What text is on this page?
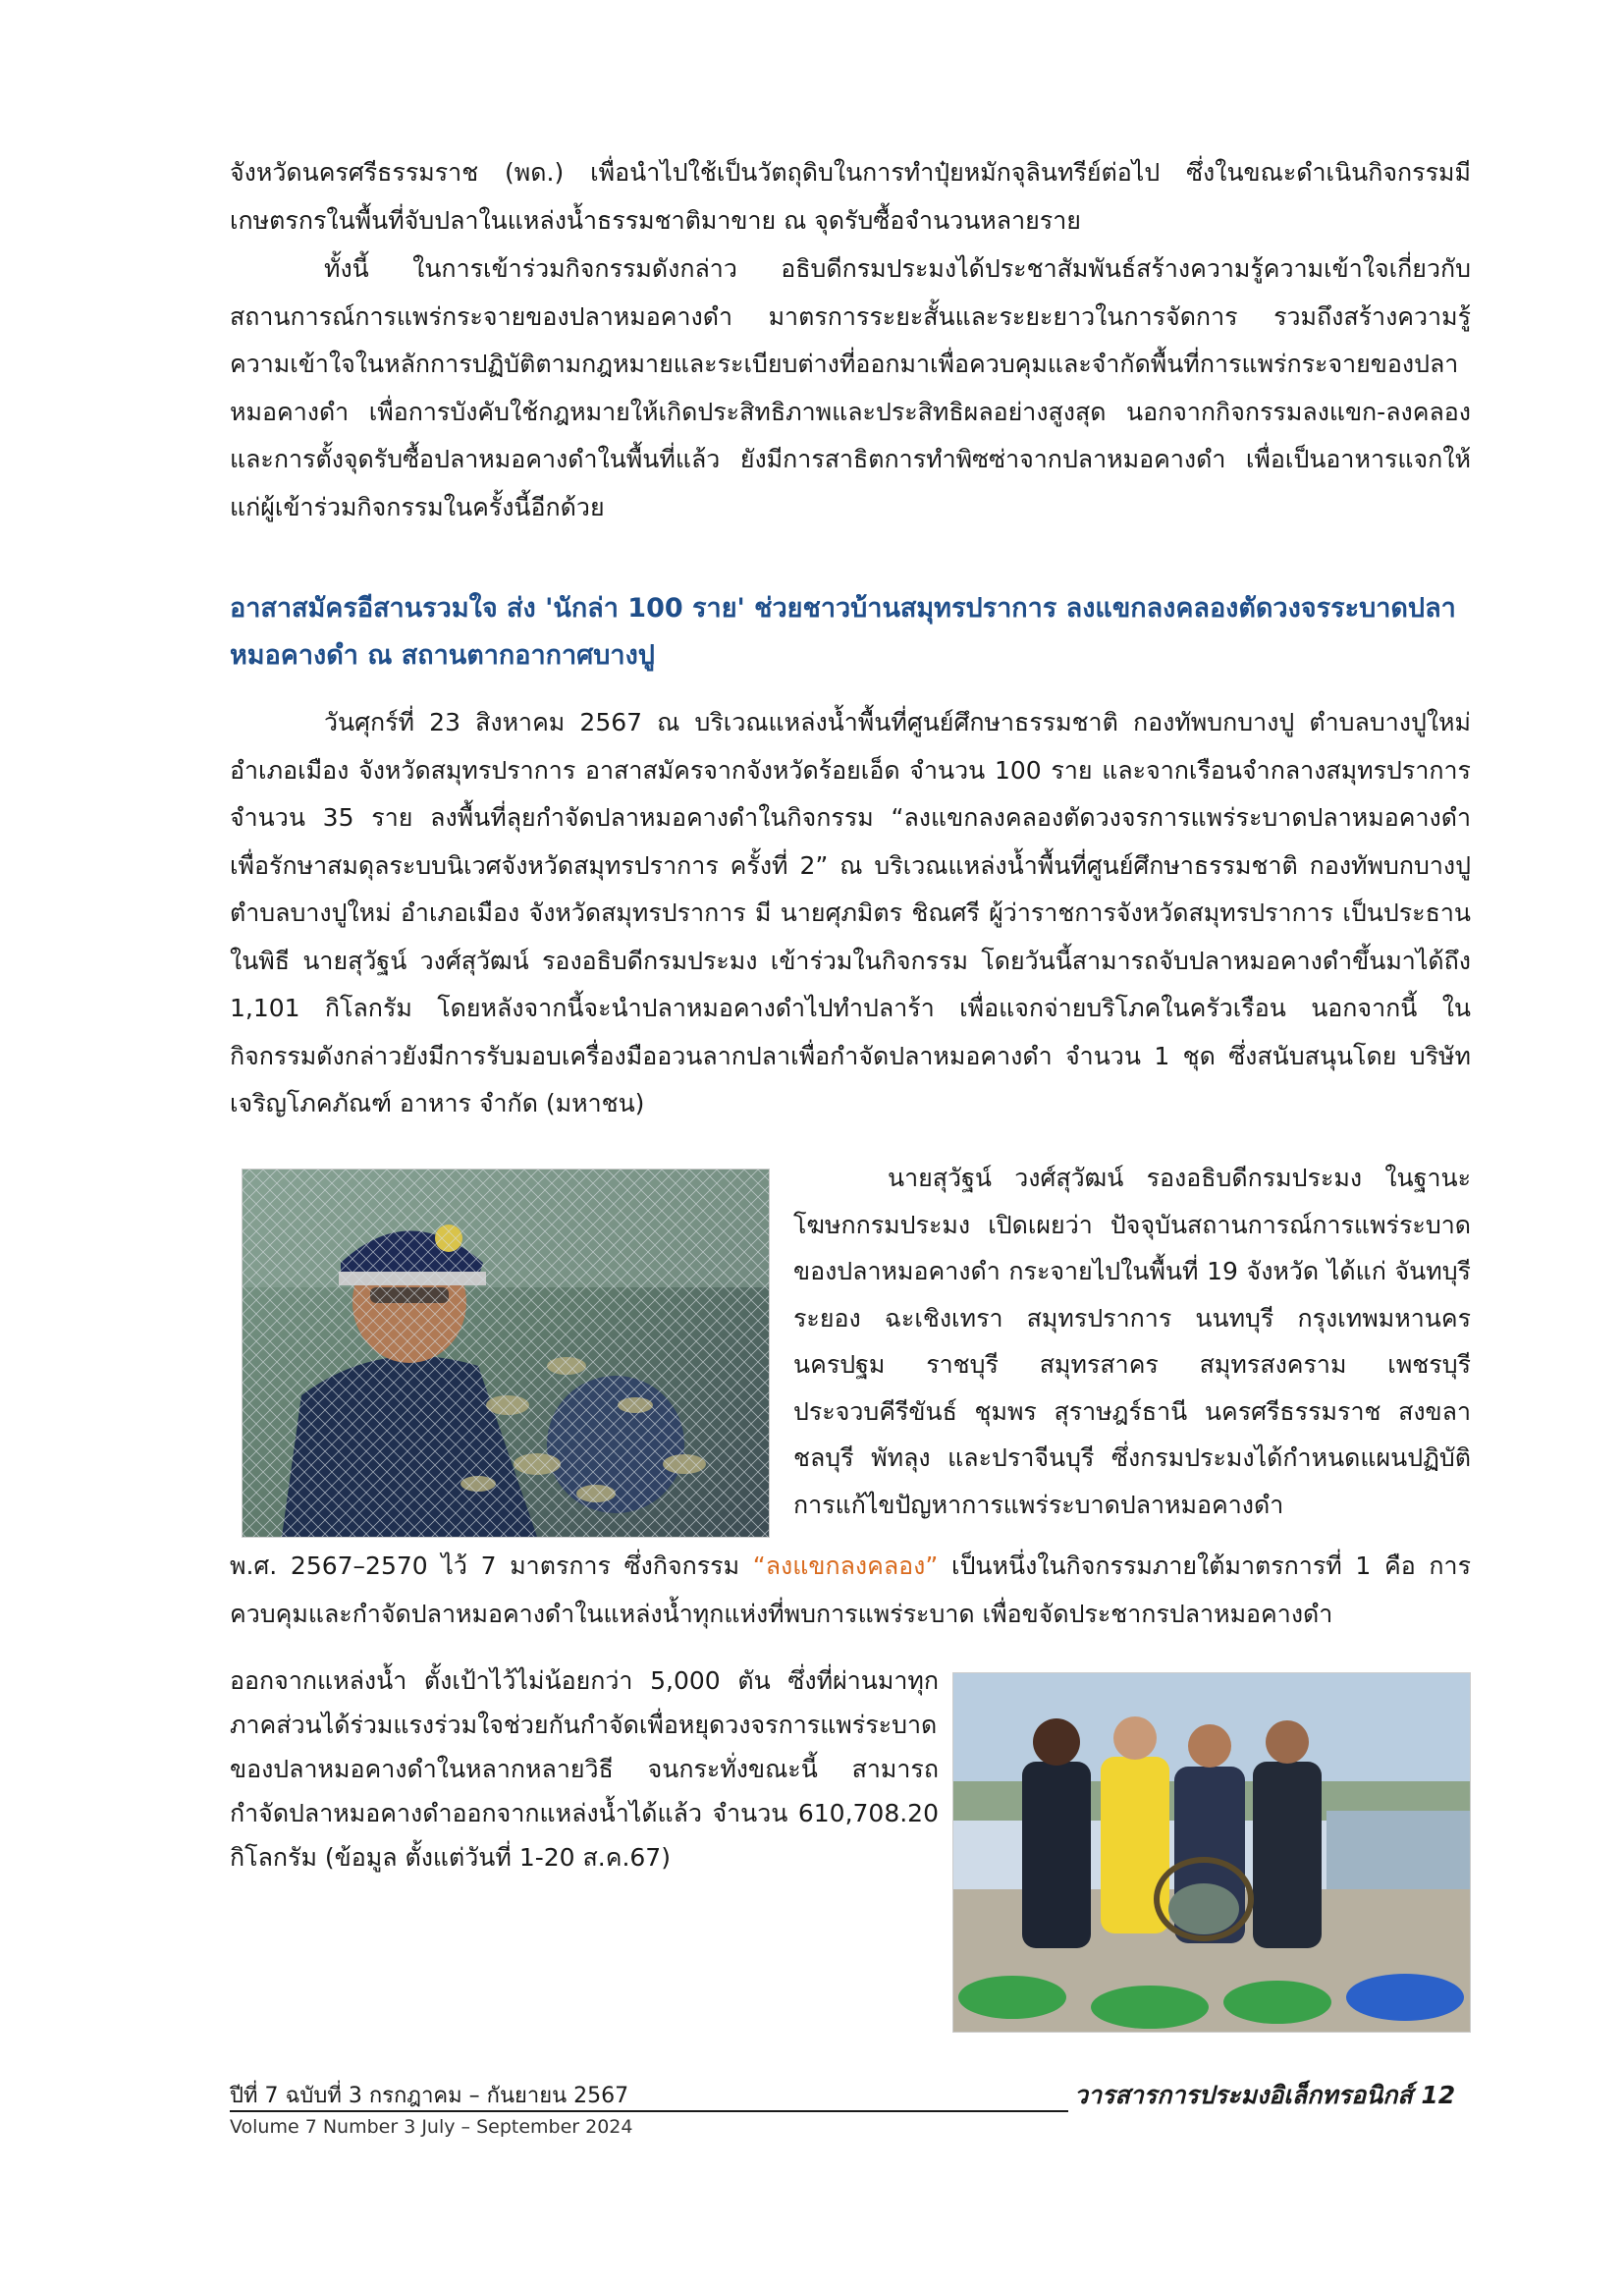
จังหวัดนครศรีธรรมราช (พด.) เพื่อนำไปใช้เป็นวัตถุดิบในการทำปุ๋ยหมักจุลินทรีย์ต่อไป ซึ่งในขณะดำเนินกิจกรรมมีเกษตรกรในพื้นที่จับปลาในแหล่งน้ำธรรมชาติมาขาย ณ จุดรับซื้อจำนวนหลายราย

ทั้งนี้ ในการเข้าร่วมกิจกรรมดังกล่าว อธิบดีกรมประมงได้ประชาสัมพันธ์สร้างความรู้ความเข้าใจเกี่ยวกับสถานการณ์การแพร่กระจายของปลาหมอคางดำ มาตรการระยะสั้นและระยะยาวในการจัดการ รวมถึงสร้างความรู้ความเข้าใจในหลักการปฏิบัติตามกฎหมายและระเบียบต่างที่ออกมาเพื่อควบคุมและจำกัดพื้นที่การแพร่กระจายของปลาหมอคางดำ เพื่อการบังคับใช้กฎหมายให้เกิดประสิทธิภาพและประสิทธิผลอย่างสูงสุด นอกจากกิจกรรมลงแขก-ลงคลอง และการตั้งจุดรับซื้อปลาหมอคางดำในพื้นที่แล้ว ยังมีการสาธิตการทำพิซซ่าจากปลาหมอคางดำ เพื่อเป็นอาหารแจกให้แก่ผู้เข้าร่วมกิจกรรมในครั้งนี้อีกด้วย

อาสาสมัครอีสานรวมใจ ส่ง 'นักล่า 100 ราย' ช่วยชาวบ้านสมุทรปราการ ลงแขกลงคลองตัดวงจรระบาดปลาหมอคางดำ ณ สถานตากอากาศบางปู

วันศุกร์ที่ 23 สิงหาคม 2567 ณ บริเวณแหล่งน้ำพื้นที่ศูนย์ศึกษาธรรมชาติ กองทัพบกบางปู ตำบลบางปูใหม่ อำเภอเมือง จังหวัดสมุทรปราการ อาสาสมัครจากจังหวัดร้อยเอ็ด จำนวน 100 ราย และจากเรือนจำกลางสมุทรปราการ จำนวน 35 ราย ลงพื้นที่ลุยกำจัดปลาหมอคางดำในกิจกรรม “ลงแขกลงคลองตัดวงจรการแพร่ระบาดปลาหมอคางดำเพื่อรักษาสมดุลระบบนิเวศจังหวัดสมุทรปราการ ครั้งที่ 2” ณ บริเวณแหล่งน้ำพื้นที่ศูนย์ศึกษาธรรมชาติ กองทัพบกบางปู ตำบลบางปูใหม่ อำเภอเมือง จังหวัดสมุทรปราการ มี นายศุภมิตร ชิณศรี ผู้ว่าราชการจังหวัดสมุทรปราการ เป็นประธานในพิธี นายสุวัฐน์ วงศ์สุวัฒน์ รองอธิบดีกรมประมง เข้าร่วมในกิจกรรม โดยวันนี้สามารถจับปลาหมอคางดำขึ้นมาได้ถึง 1,101 กิโลกรัม โดยหลังจากนี้จะนำปลาหมอคางดำไปทำปลาร้า เพื่อแจกจ่ายบริโภคในครัวเรือน นอกจากนี้ ในกิจกรรมดังกล่าวยังมีการรับมอบเครื่องมืออวนลากปลาเพื่อกำจัดปลาหมอคางดำ จำนวน 1 ชุด ซึ่งสนับสนุนโดย บริษัทเจริญโภคภัณฑ์ อาหาร จำกัด (มหาชน)

นายสุวัฐน์ วงศ์สุวัฒน์ รองอธิบดีกรมประมง ในฐานะโฆษกกรมประมง เปิดเผยว่า ปัจจุบันสถานการณ์การแพร่ระบาดของปลาหมอคางดำ กระจายไปในพื้นที่ 19 จังหวัด ได้แก่ จันทบุรี ระยอง ฉะเชิงเทรา สมุทรปราการ นนทบุรี กรุงเทพมหานคร นครปฐม ราชบุรี สมุทรสาคร สมุทรสงคราม เพชรบุรีประจวบคีรีขันธ์ ชุมพร สุราษฎร์ธานี นครศรีธรรมราช สงขลา ชลบุรี พัทลุง และปราจีนบุรี ซึ่งกรมประมงได้กำหนดแผนปฏิบัติการแก้ไขปัญหาการแพร่ระบาดปลาหมอคางดำ

พ.ศ. 2567–2570 ไว้ 7 มาตรการ ซึ่งกิจกรรม “ลงแขกลงคลอง” เป็นหนึ่งในกิจกรรมภายใต้มาตรการที่ 1 คือ การควบคุมและกำจัดปลาหมอคางดำในแหล่งน้ำทุกแห่งที่พบการแพร่ระบาด เพื่อขจัดประชากรปลาหมอคางดำ

ออกจากแหล่งน้ำ ตั้งเป้าไว้ไม่น้อยกว่า 5,000 ตัน ซึ่งที่ผ่านมาทุกภาคส่วนได้ร่วมแรงร่วมใจช่วยกันกำจัดเพื่อหยุดวงจรการแพร่ระบาดของปลาหมอคางดำในหลากหลายวิธี จนกระทั่งขณะนี้ สามารถกำจัดปลาหมอคางดำออกจากแหล่งน้ำได้แล้ว จำนวน 610,708.20 กิโลกรัม (ข้อมูล ตั้งแต่วันที่ 1-20 ส.ค.67)

ปีที่ 7 ฉบับที่ 3 กรกฎาคม – กันยายน 2567
Volume 7 Number 3 July – September 2024
วารสารการประมงอิเล็กทรอนิกส์ 12
